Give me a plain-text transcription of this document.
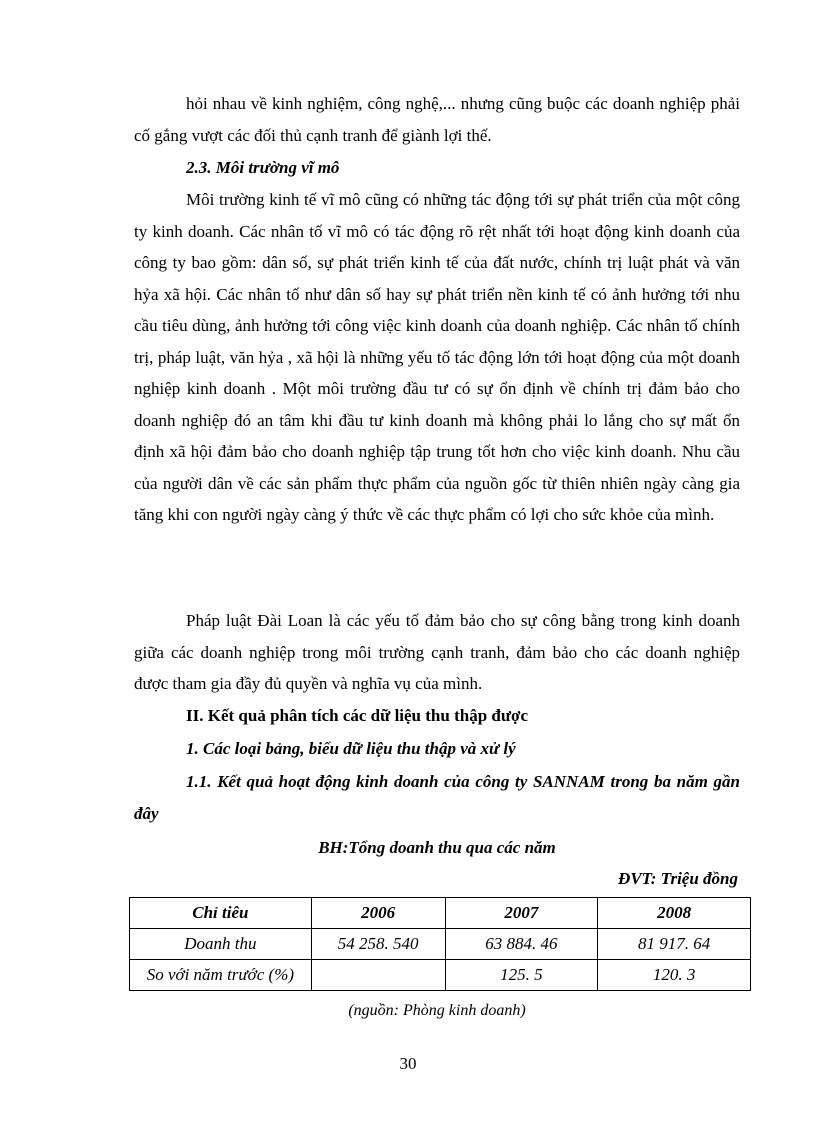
hỏi nhau về kinh nghiệm, công nghệ,... nhưng cũng buộc các doanh nghiệp phải cố gắng vượt các đối thủ cạnh tranh để giành lợi thế.

2.3. Môi trường vĩ mô

Môi trường kinh tế vĩ mô cũng có những tác động tới sự phát triển của một công ty kinh doanh. Các nhân tố vĩ mô có tác động rõ rệt nhất tới hoạt động kinh doanh của công ty bao gồm: dân số, sự phát triển kinh tế của đất nước, chính trị luật phát và văn hỷa xã hội. Các nhân tố như dân số hay sự phát triển nền kinh tế có ảnh hưởng tới nhu cầu tiêu dùng, ảnh hưởng tới công việc kinh doanh của doanh nghiệp. Các nhân tố chính trị, pháp luật, văn hỷa , xã hội là những yếu tố tác động lớn tới hoạt động của một doanh nghiệp kinh doanh . Một môi trường đầu tư có sự ổn định về chính trị đảm bảo cho doanh nghiệp đó an tâm khi đầu tư kinh doanh mà không phải lo lắng cho sự mất ổn định xã hội đảm bảo cho doanh nghiệp tập trung tốt hơn cho việc kinh doanh. Nhu cầu của người dân về các sản phẩm thực phẩm của nguồn gốc từ thiên nhiên ngày càng gia tăng khi con người ngày càng ý thức về các thực phẩm có lợi cho sức khỏe của mình.

Pháp luật Đài Loan là các yếu tố đảm bảo cho sự công bằng trong kinh doanh giữa các doanh nghiệp trong môi trường cạnh tranh, đảm bảo cho các doanh nghiệp được tham gia đầy đủ quyền và nghĩa vụ của mình.

II. Kết quả phân tích các dữ liệu thu thập được

1. Các loại bảng, biểu dữ liệu thu thập và xử lý

1.1. Kết quả hoạt động kinh doanh của công ty SANNAM trong ba năm gần đây

BH:Tổng doanh thu qua các năm

ĐVT: Triệu đồng

Chỉ tiêu	2006	2007	2008
Doanh thu	54 258. 540	63 884. 46	81 917. 64
So với năm trước (%)		125. 5	120. 3

(nguồn: Phòng kinh doanh)

30
